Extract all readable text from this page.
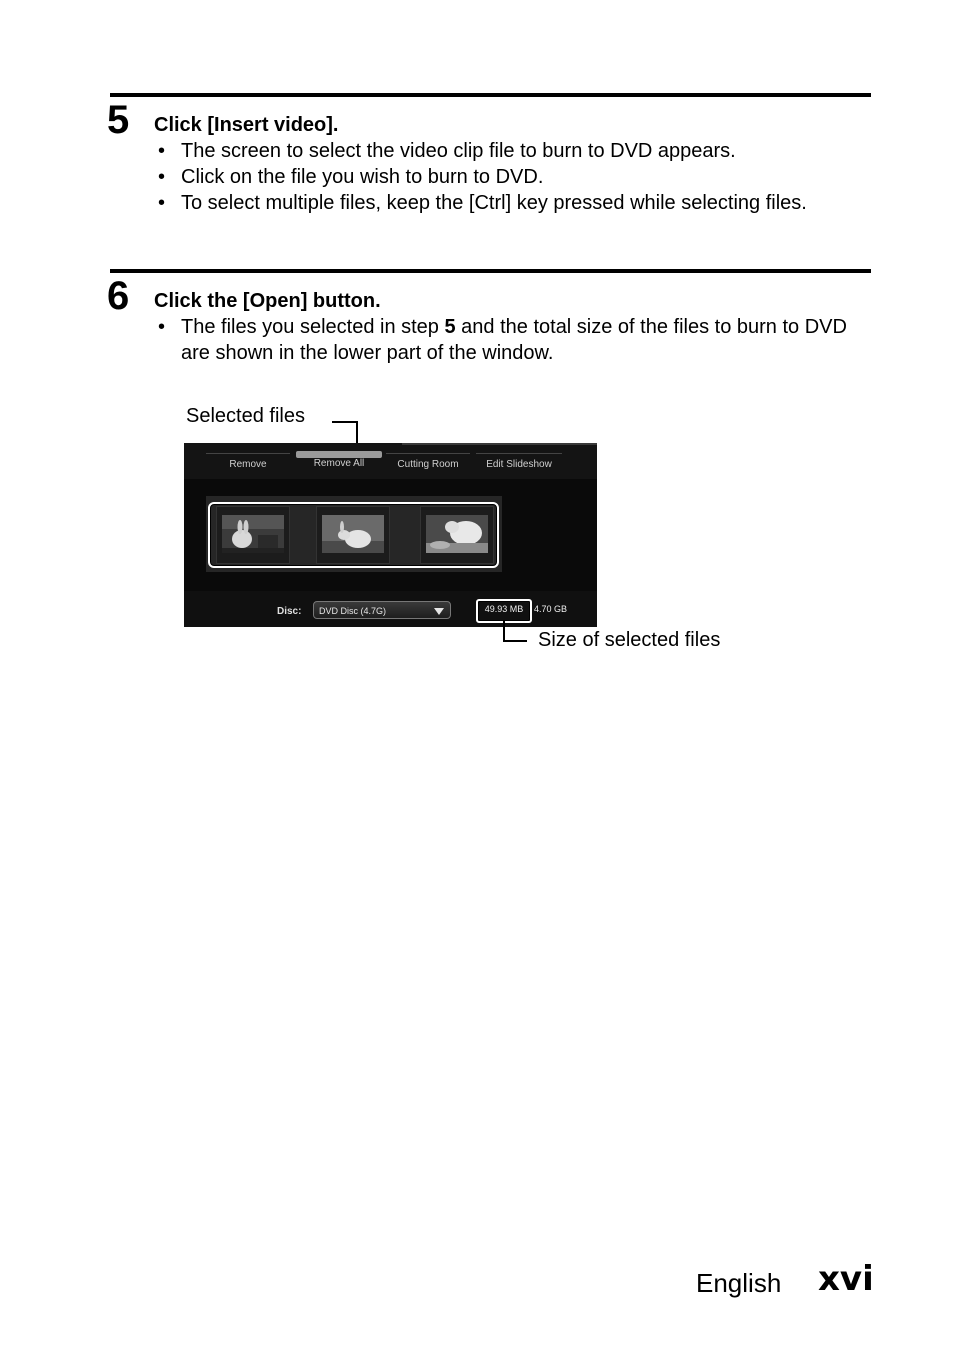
5 Click [Insert video].
• The screen to select the video clip file to burn to DVD appears.
• Click on the file you wish to burn to DVD.
• To select multiple files, keep the [Ctrl] key pressed while selecting files.
6 Click the [Open] button.
• The files you selected in step 5 and the total size of the files to burn to DVD are shown in the lower part of the window.
Selected files
Remove	Remove All	Cutting Room	Edit Slideshow
Disc:	DVD Disc (4.7G)	49.93 MB	4.70 GB
Size of selected files
English xvi
